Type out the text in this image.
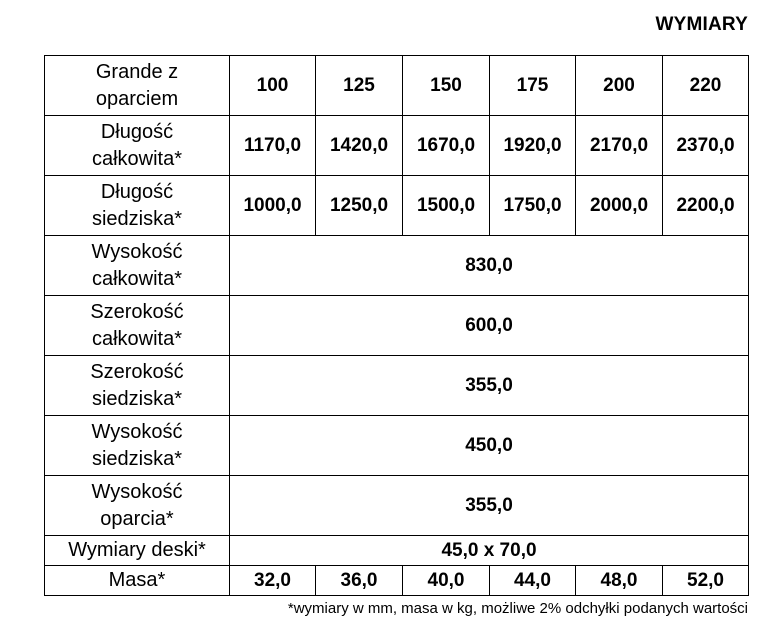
WYMIARY
Grande z
oparciem	100	125	150	175	200	220

Długość
całkowita*	1170,0	1420,0	1670,0	1920,0	2170,0	2370,0

Długość
siedziska*	1000,0	1250,0	1500,0	1750,0	2000,0	2200,0

Wysokość
całkowita*	830,0					

Szerokość
całkowita*	600,0					

Szerokość
siedziska*	355,0					

Wysokość
siedziska*	450,0					

Wysokość
oparcia*	355,0					
Wymiary deski*	45,0 x 70,0					
Masa*	32,0	36,0	40,0	44,0	48,0	52,0
*wymiary w mm, masa w kg, możliwe 2% odchyłki podanych wartości
